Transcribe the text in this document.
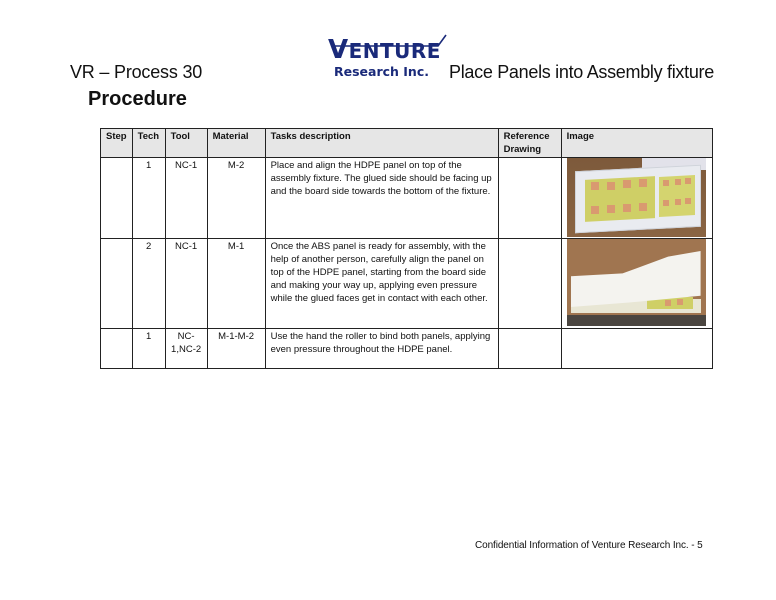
VR – Process 30
Procedure
VENTURE
Research Inc. Place Panels into Assembly fixture
Step	Tech	Tool	Material	Tasks description	Reference Drawing	Image
	1	NC-1	M-2	Place and align the HDPE panel on top of the assembly fixture. The glued side should be facing up and the board side towards the bottom of the fixture.		

	2	NC-1	M-1	Once the ABS panel is ready for assembly, with the help of another person, carefully align the panel on top of the HDPE panel, starting from the board side and making your way up, applying even pressure while the glued faces get in contact with each other.		

	1	NC-1,NC-2	M-1-M-2	Use the hand the roller to bind both panels, applying even pressure throughout the HDPE panel.		
Confidential Information of Venture Research Inc. - 5
